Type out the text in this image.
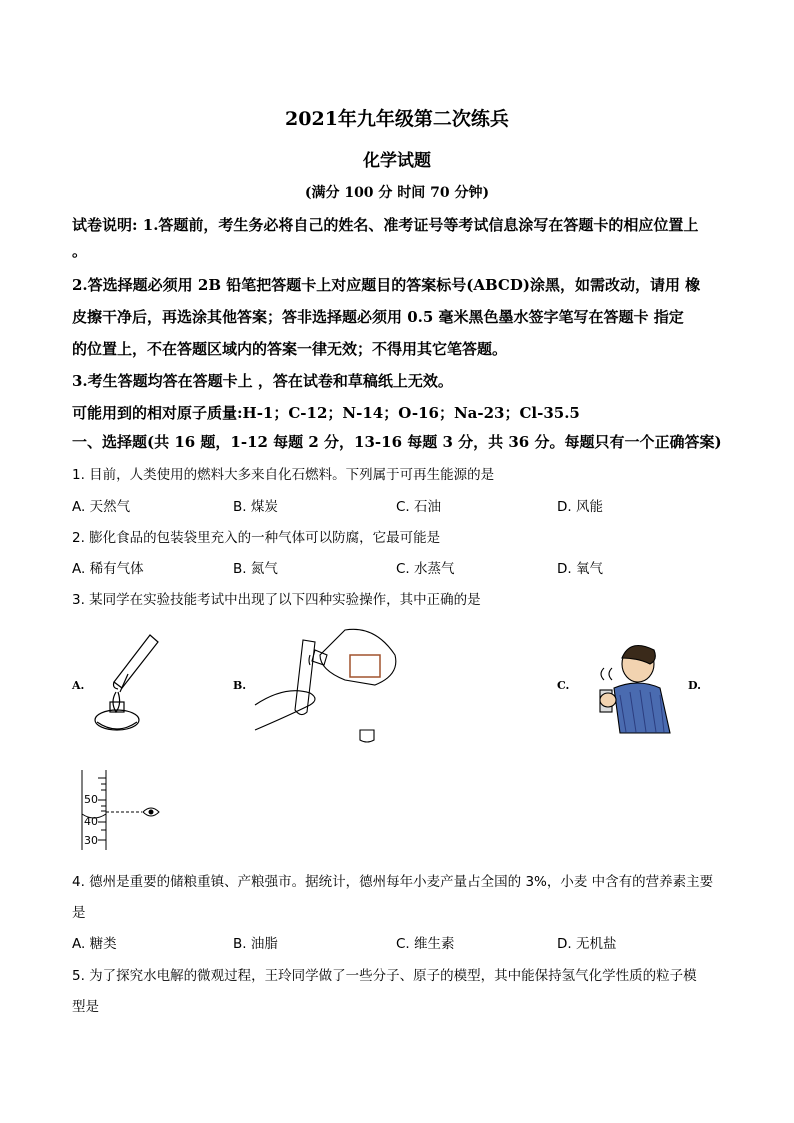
2021年九年级第二次练兵
化学试题
(满分 100 分 时间 70 分钟)
试卷说明: 1.答题前，考生务必将自己的姓名、准考证号等考试信息涂写在答题卡的相应位置上
。
2.答选择题必须用 2B 铅笔把答题卡上对应题目的答案标号(ABCD)涂黑，如需改动，请用 橡
皮擦干净后，再选涂其他答案；答非选择题必须用 0.5 毫米黑色墨水签字笔写在答题卡 指定
的位置上，不在答题区域内的答案一律无效；不得用其它笔答题。
3.考生答题均答在答题卡上 ，答在试卷和草稿纸上无效。
可能用到的相对原子质量:H-1；C-12；N-14；O-16；Na-23；Cl-35.5
一、选择题(共 16 题，1-12 每题 2 分，13-16 每题 3 分，共 36 分。每题只有一个正确答案)
1. 目前，人类使用的燃料大多来自化石燃料。下列属于可再生能源的是
A. 天然气	B. 煤炭	C. 石油	D. 风能
2. 膨化食品的包装袋里充入的一种气体可以防腐，它最可能是
A. 稀有气体	B. 氮气	C. 水蒸气	D. 氧气
3. 某同学在实验技能考试中出现了以下四种实验操作，其中正确的是
A.	B.	C.	D.
50
40
30
4. 德州是重要的储粮重镇、产粮强市。据统计，德州每年小麦产量占全国的 3%，小麦 中含有的营养素主要
是
A. 糖类	B. 油脂	C. 维生素	D. 无机盐
5. 为了探究水电解的微观过程，王玲同学做了一些分子、原子的模型，其中能保持氢气化学性质的粒子模
型是
